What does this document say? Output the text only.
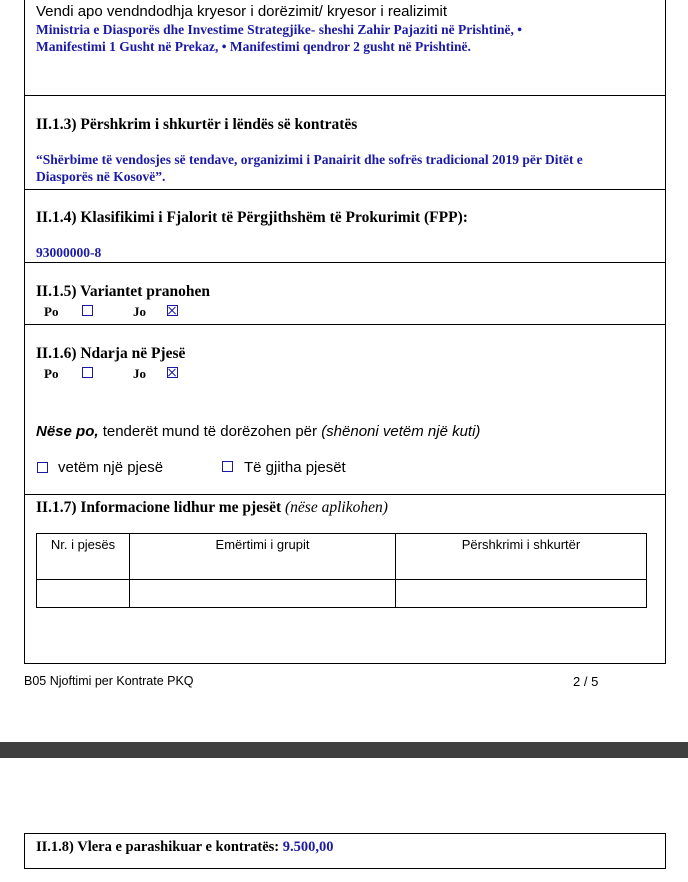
Vendi apo vendndodhja kryesor i dorëzimit/ kryesor i realizimit
Ministria e Diasporës dhe Investime Strategjike- sheshi Zahir Pajaziti në Prishtinë, •
Manifestimi 1 Gusht në Prekaz, • Manifestimi qendror 2 gusht në Prishtinë.
II.1.3) Përshkrim i shkurtër i lëndës së kontratës
“Shërbime të vendosjes së tendave, organizimi i Panairit dhe sofrës tradicional 2019 për Ditët e
Diasporës në Kosovë”.
II.1.4) Klasifikimi i Fjalorit të Përgjithshëm të Prokurimit (FPP):
93000000-8
II.1.5) Variantet pranohen
Po	Jo
II.1.6) Ndarja në Pjesë
Po	Jo
Nëse po, tenderët mund të dorëzohen për (shënoni vetëm një kuti)
vetëm një pjesë	Të gjitha pjesët
II.1.7) Informacione lidhur me pjesët (nëse aplikohen)
Nr. i pjesës	Emërtimi i grupit	Përshkrimi i shkurtër

B05 Njoftimi per Kontrate PKQ	2 / 5
II.1.8) Vlera e parashikuar e kontratës: 9.500,00
